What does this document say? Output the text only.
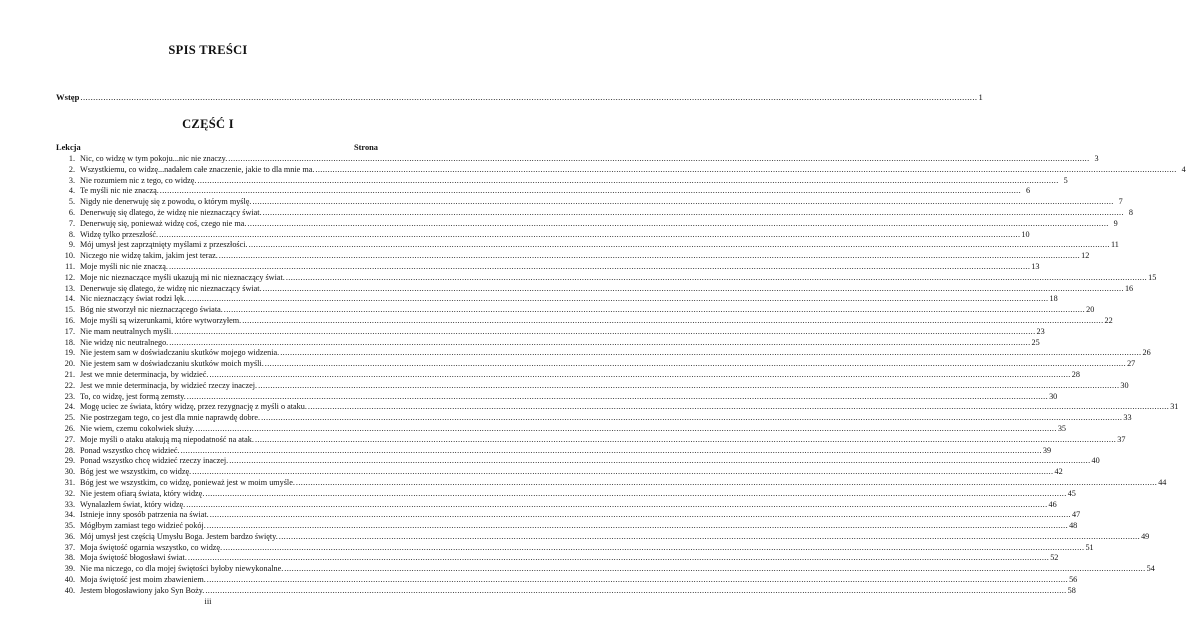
SPIS TREŚCI
Wstęp .....	1
CZĘŚĆ I
Lekcja	Strona
1. Nic, co widzę w tym pokoju...nic nie znaczy. .....	3
2. Wszystkiemu, co widzę...nadałem całe znaczenie, jakie to dla mnie ma. .....	4
3. Nie rozumiem nic z tego, co widzę. .....	5
4. Te myśli nic nie znaczą. .....	6
5. Nigdy nie denerwuję się z powodu, o którym myślę. .....	7
6. Denerwuję się dlatego, że widzę nie nieznaczący świat. .....	8
7. Denerwuję się, ponieważ widzę coś, czego nie ma. .....	9
8. Widzę tylko przeszłość. .....	10
9. Mój umysł jest zaprzątnięty myślami z przeszłości. .....	11
10. Niczego nie widzę takim, jakim jest teraz. .....	12
11. Moje myśli nic nie znaczą. .....	13
12. Moje nic nieznaczące myśli ukazują mi nic nieznaczący świat. .....	15
13. Denerwuje się dlatego, że widzę nic nieznaczący świat. .....	16
14. Nic nieznaczący świat rodzi lęk. .....	18
15. Bóg nie stworzył nic nieznaczącego świata. .....	20
16. Moje myśli są wizerunkami, które wytworzyłem. .....	22
17. Nie mam neutralnych myśli. .....	23
18. Nie widzę nic neutralnego. .....	25
19. Nie jestem sam w doświadczaniu skutków mojego widzenia. .....	26
20. Nie jestem sam w doświadczaniu skutków moich myśli. .....	27
21. Jest we mnie determinacja, by widzieć. .....	28
22. Jest we mnie determinacja, by widzieć rzeczy inaczej. .....	30
23. To, co widzę, jest formą zemsty. .....	30
24. Mogę uciec ze świata, który widzę, przez rezygnację z myśli o ataku. .....	31
25. Nie postrzegam tego, co jest dla mnie naprawdę dobre. .....	33
26. Nie wiem, czemu cokolwiek służy. .....	35
27. Moje myśli o ataku atakują mą niepodatność na atak. .....	37
28. Ponad wszystko chcę widzieć. .....	39
29. Ponad wszystko chcę widzieć rzeczy inaczej. .....	40
30. Bóg jest we wszystkim, co widzę. .....	42
31. Bóg jest we wszystkim, co widzę, ponieważ jest w moim umyśle. .....	44
32. Nie jestem ofiarą świata, który widzę. .....	45
33. Wynalazłem świat, który widzę. .....	46
34. Istnieje inny sposób patrzenia na świat. .....	47
35. Mógłbym zamiast tego widzieć pokój. .....	48
36. Mój umysł jest częścią Umysłu Boga. Jestem bardzo święty. .....	49
37. Moja świętość ogarnia wszystko, co widzę. .....	51
38. Moja świętość błogosławi świat. .....	52
39. Nie ma niczego, co dla mojej świętości byłoby niewykonalne. .....	54
40. Moja świętość jest moim zbawieniem. .....	56
40. Jestem błogosławiony jako Syn Boży. .....	58
iii
